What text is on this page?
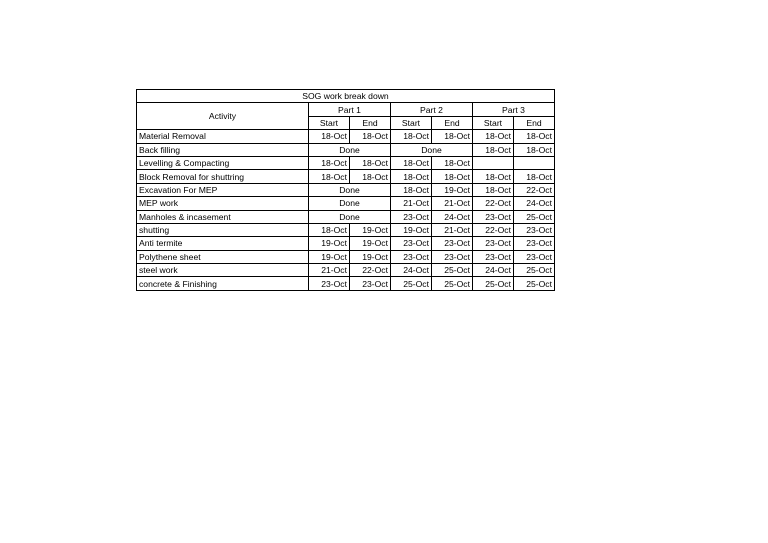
SOG work break down						
Activity	Part 1		Part 2		Part 3	
	Start	End	Start	End	Start	End
Material Removal	18-Oct	18-Oct	18-Oct	18-Oct	18-Oct	18-Oct
Back filling	Done		Done		18-Oct	18-Oct
Levelling & Compacting	18-Oct	18-Oct	18-Oct	18-Oct		
Block Removal for shuttring	18-Oct	18-Oct	18-Oct	18-Oct	18-Oct	18-Oct
Excavation For MEP	Done		18-Oct	19-Oct	18-Oct	22-Oct
MEP work	Done		21-Oct	21-Oct	22-Oct	24-Oct
Manholes & incasement	Done		23-Oct	24-Oct	23-Oct	25-Oct
shutting	18-Oct	19-Oct	19-Oct	21-Oct	22-Oct	23-Oct
Anti termite	19-Oct	19-Oct	23-Oct	23-Oct	23-Oct	23-Oct
Polythene sheet	19-Oct	19-Oct	23-Oct	23-Oct	23-Oct	23-Oct
steel work	21-Oct	22-Oct	24-Oct	25-Oct	24-Oct	25-Oct
concrete & Finishing	23-Oct	23-Oct	25-Oct	25-Oct	25-Oct	25-Oct
